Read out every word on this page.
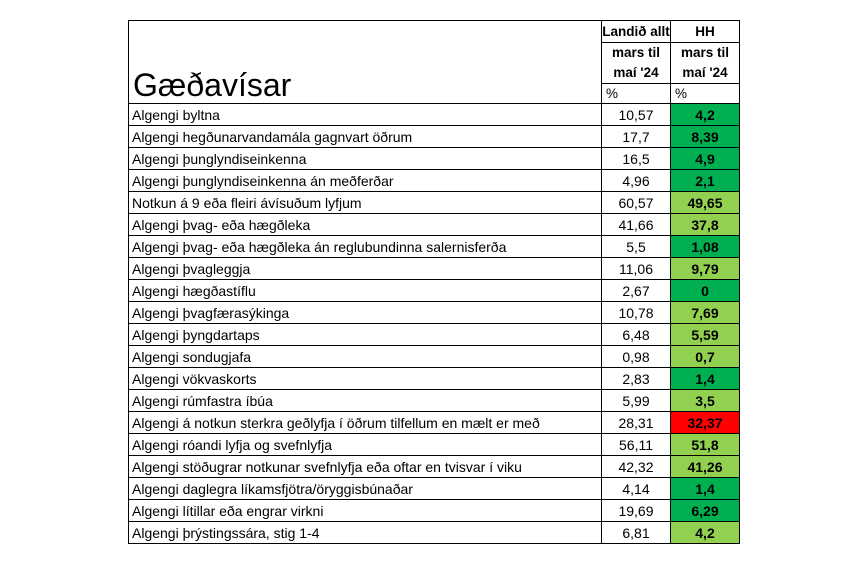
Gæðavísar	Landið allt	HH
	mars til maí '24	mars til maí '24
	%	%
Algengi byltna	10,57	4,2
Algengi hegðunarvandamála gagnvart öðrum	17,7	8,39
Algengi þunglyndiseinkenna	16,5	4,9
Algengi þunglyndiseinkenna án meðferðar	4,96	2,1
Notkun á 9 eða fleiri ávísuðum lyfjum	60,57	49,65
Algengi þvag- eða hægðleka	41,66	37,8
Algengi þvag- eða hægðleka án reglubundinna salernisferða	5,5	1,08
Algengi þvagleggja	11,06	9,79
Algengi hægðastíflu	2,67	0
Algengi þvagfærasýkinga	10,78	7,69
Algengi þyngdartaps	6,48	5,59
Algengi sondugjafa	0,98	0,7
Algengi vökvaskorts	2,83	1,4
Algengi rúmfastra íbúa	5,99	3,5
Algengi á notkun sterkra geðlyfja í öðrum tilfellum en mælt er með	28,31	32,37
Algengi róandi lyfja og svefnlyfja	56,11	51,8
Algengi stöðugrar notkunar svefnlyfja eða oftar en tvisvar í viku	42,32	41,26
Algengi daglegra líkamsfjötra/öryggisbúnaðar	4,14	1,4
Algengi lítillar eða engrar virkni	19,69	6,29
Algengi þrýstingssára, stig 1-4	6,81	4,2
